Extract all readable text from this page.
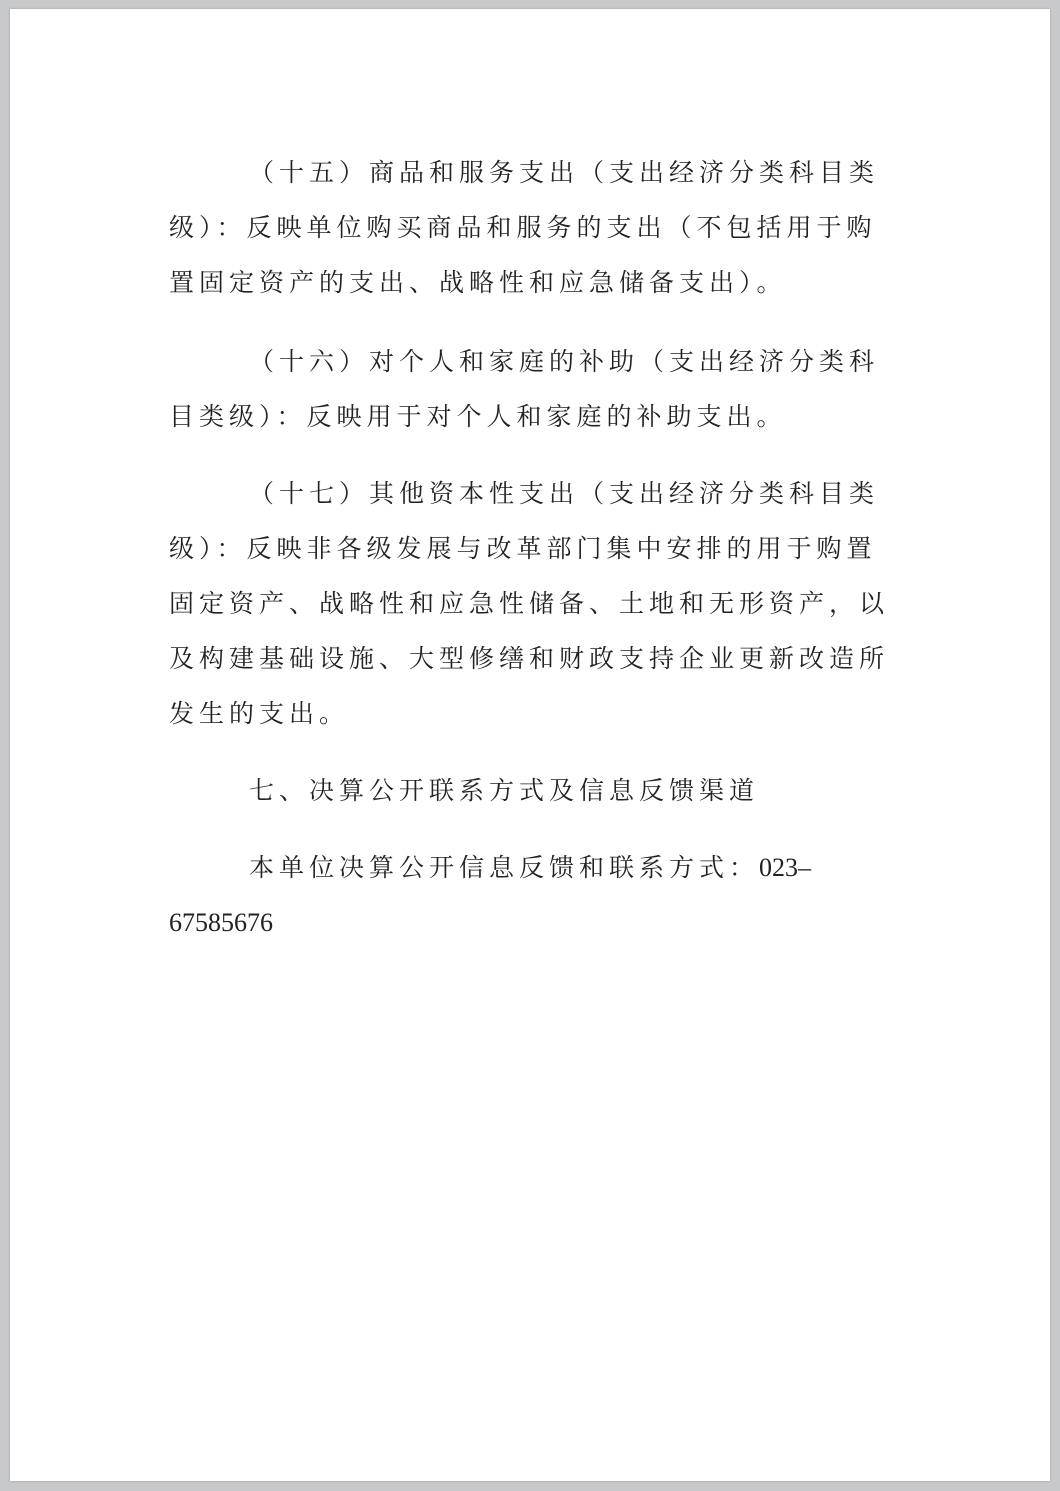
（十五）商品和服务支出（支出经济分类科目类级）：反映单位购买商品和服务的支出（不包括用于购置固定资产的支出、战略性和应急储备支出）。

（十六）对个人和家庭的补助（支出经济分类科目类级）：反映用于对个人和家庭的补助支出。

（十七）其他资本性支出（支出经济分类科目类级）：反映非各级发展与改革部门集中安排的用于购置固定资产、战略性和应急性储备、土地和无形资产，以及构建基础设施、大型修缮和财政支持企业更新改造所发生的支出。

七、决算公开联系方式及信息反馈渠道

本单位决算公开信息反馈和联系方式：023–67585676
